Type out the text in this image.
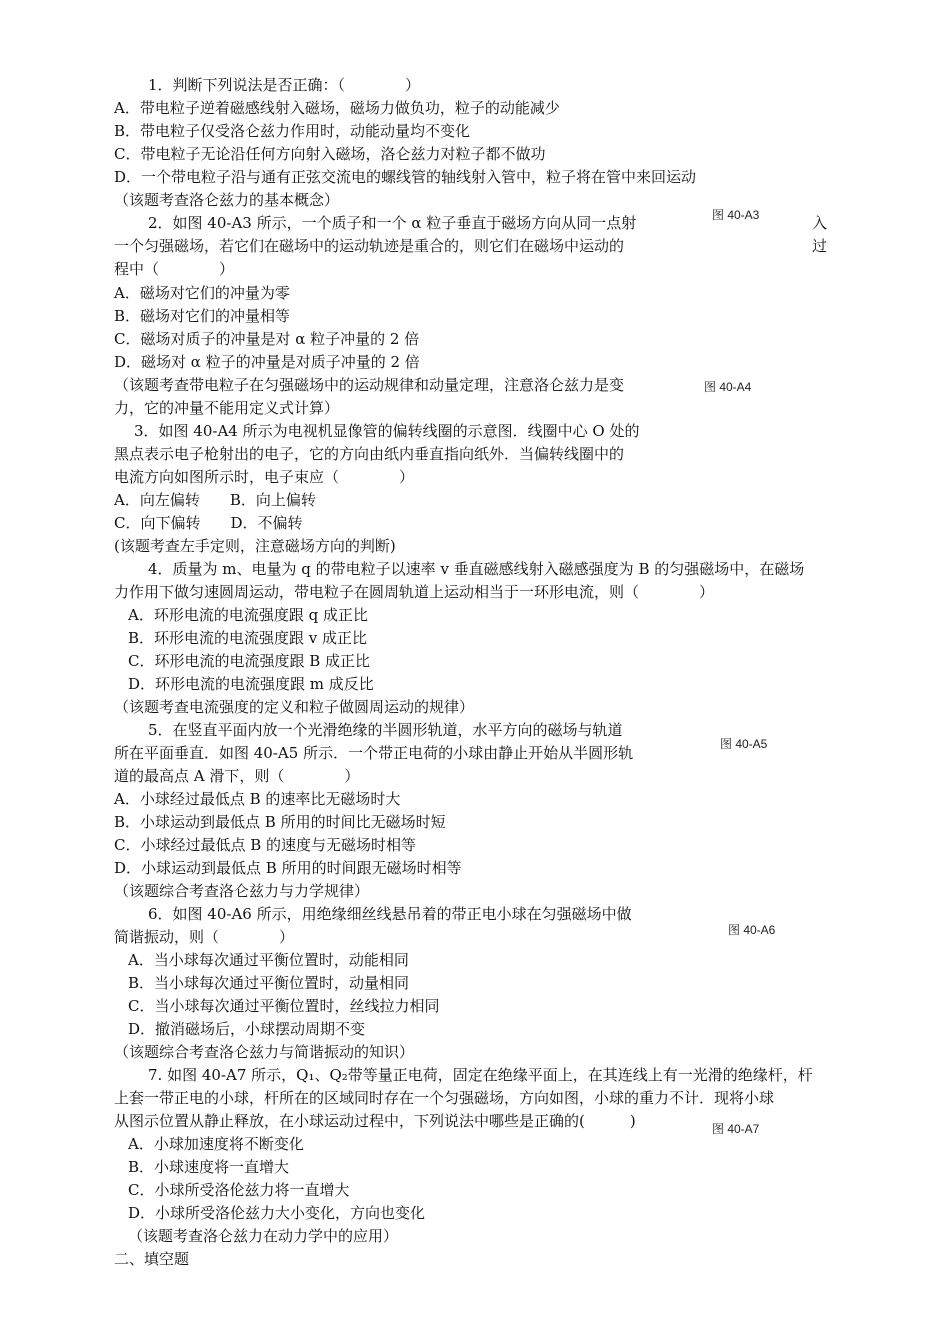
1．判断下列说法是否正确：（　　　　）
A．带电粒子逆着磁感线射入磁场，磁场力做负功，粒子的动能减少
B．带电粒子仅受洛仑兹力作用时，动能动量均不变化
C．带电粒子无论沿任何方向射入磁场，洛仑兹力对粒子都不做功
D．一个带电粒子沿与通有正弦交流电的螺线管的轴线射入管中，粒子将在管中来回运动
（该题考查洛仑兹力的基本概念）
图 40-A3
2．如图 40-A3 所示，一个质子和一个 α 粒子垂直于磁场方向从同一点射	入
一个匀强磁场，若它们在磁场中的运动轨迹是重合的，则它们在磁场中运动的	过
程中（　　　　）
A．磁场对它们的冲量为零
B．磁场对它们的冲量相等
C．磁场对质子的冲量是对 α 粒子冲量的 2 倍
D．磁场对 α 粒子的冲量是对质子冲量的 2 倍
（该题考查带电粒子在匀强磁场中的运动规律和动量定理，注意洛仑兹力是变	图 40-A4
力，它的冲量不能用定义式计算）
3．如图 40-A4 所示为电视机显像管的偏转线圈的示意图．线圈中心 O 处的
黑点表示电子枪射出的电子，它的方向由纸内垂直指向纸外．当偏转线圈中的
电流方向如图所示时，电子束应（　　　　）
A．向左偏转　　B．向上偏转
C．向下偏转　　D．不偏转
(该题考查左手定则，注意磁场方向的判断)
4．质量为 m、电量为 q 的带电粒子以速率 v 垂直磁感线射入磁感强度为 B 的匀强磁场中，在磁场
力作用下做匀速圆周运动，带电粒子在圆周轨道上运动相当于一环形电流，则（　　　　）
A．环形电流的电流强度跟 q 成正比
B．环形电流的电流强度跟 v 成正比
C．环形电流的电流强度跟 B 成正比
D．环形电流的电流强度跟 m 成反比
（该题考查电流强度的定义和粒子做圆周运动的规律）
5．在竖直平面内放一个光滑绝缘的半圆形轨道，水平方向的磁场与轨道
图 40-A5
所在平面垂直．如图 40-A5 所示．一个带正电荷的小球由静止开始从半圆形轨
道的最高点 A 滑下，则（　　　　）
A．小球经过最低点 B 的速率比无磁场时大
B．小球运动到最低点 B 所用的时间比无磁场时短
C．小球经过最低点 B 的速度与无磁场时相等
D．小球运动到最低点 B 所用的时间跟无磁场时相等
（该题综合考查洛仑兹力与力学规律）
6．如图 40-A6 所示，用绝缘细丝线悬吊着的带正电小球在匀强磁场中做
图 40-A6
简谐振动，则（　　　　）
A．当小球每次通过平衡位置时，动能相同
B．当小球每次通过平衡位置时，动量相同
C．当小球每次通过平衡位置时，丝线拉力相同
D．撤消磁场后，小球摆动周期不变
（该题综合考查洛仑兹力与简谐振动的知识）
7. 如图 40-A7 所示，Q₁、Q₂带等量正电荷，固定在绝缘平面上，在其连线上有一光滑的绝缘杆，杆
上套一带正电的小球，杆所在的区域同时存在一个匀强磁场，方向如图，小球的重力不计．现将小球
从图示位置从静止释放，在小球运动过程中，下列说法中哪些是正确的(　　　)	图 40-A7
A．小球加速度将不断变化
B．小球速度将一直增大
C．小球所受洛伦兹力将一直增大
D．小球所受洛伦兹力大小变化，方向也变化
（该题考查洛仑兹力在动力学中的应用）
二、填空题
